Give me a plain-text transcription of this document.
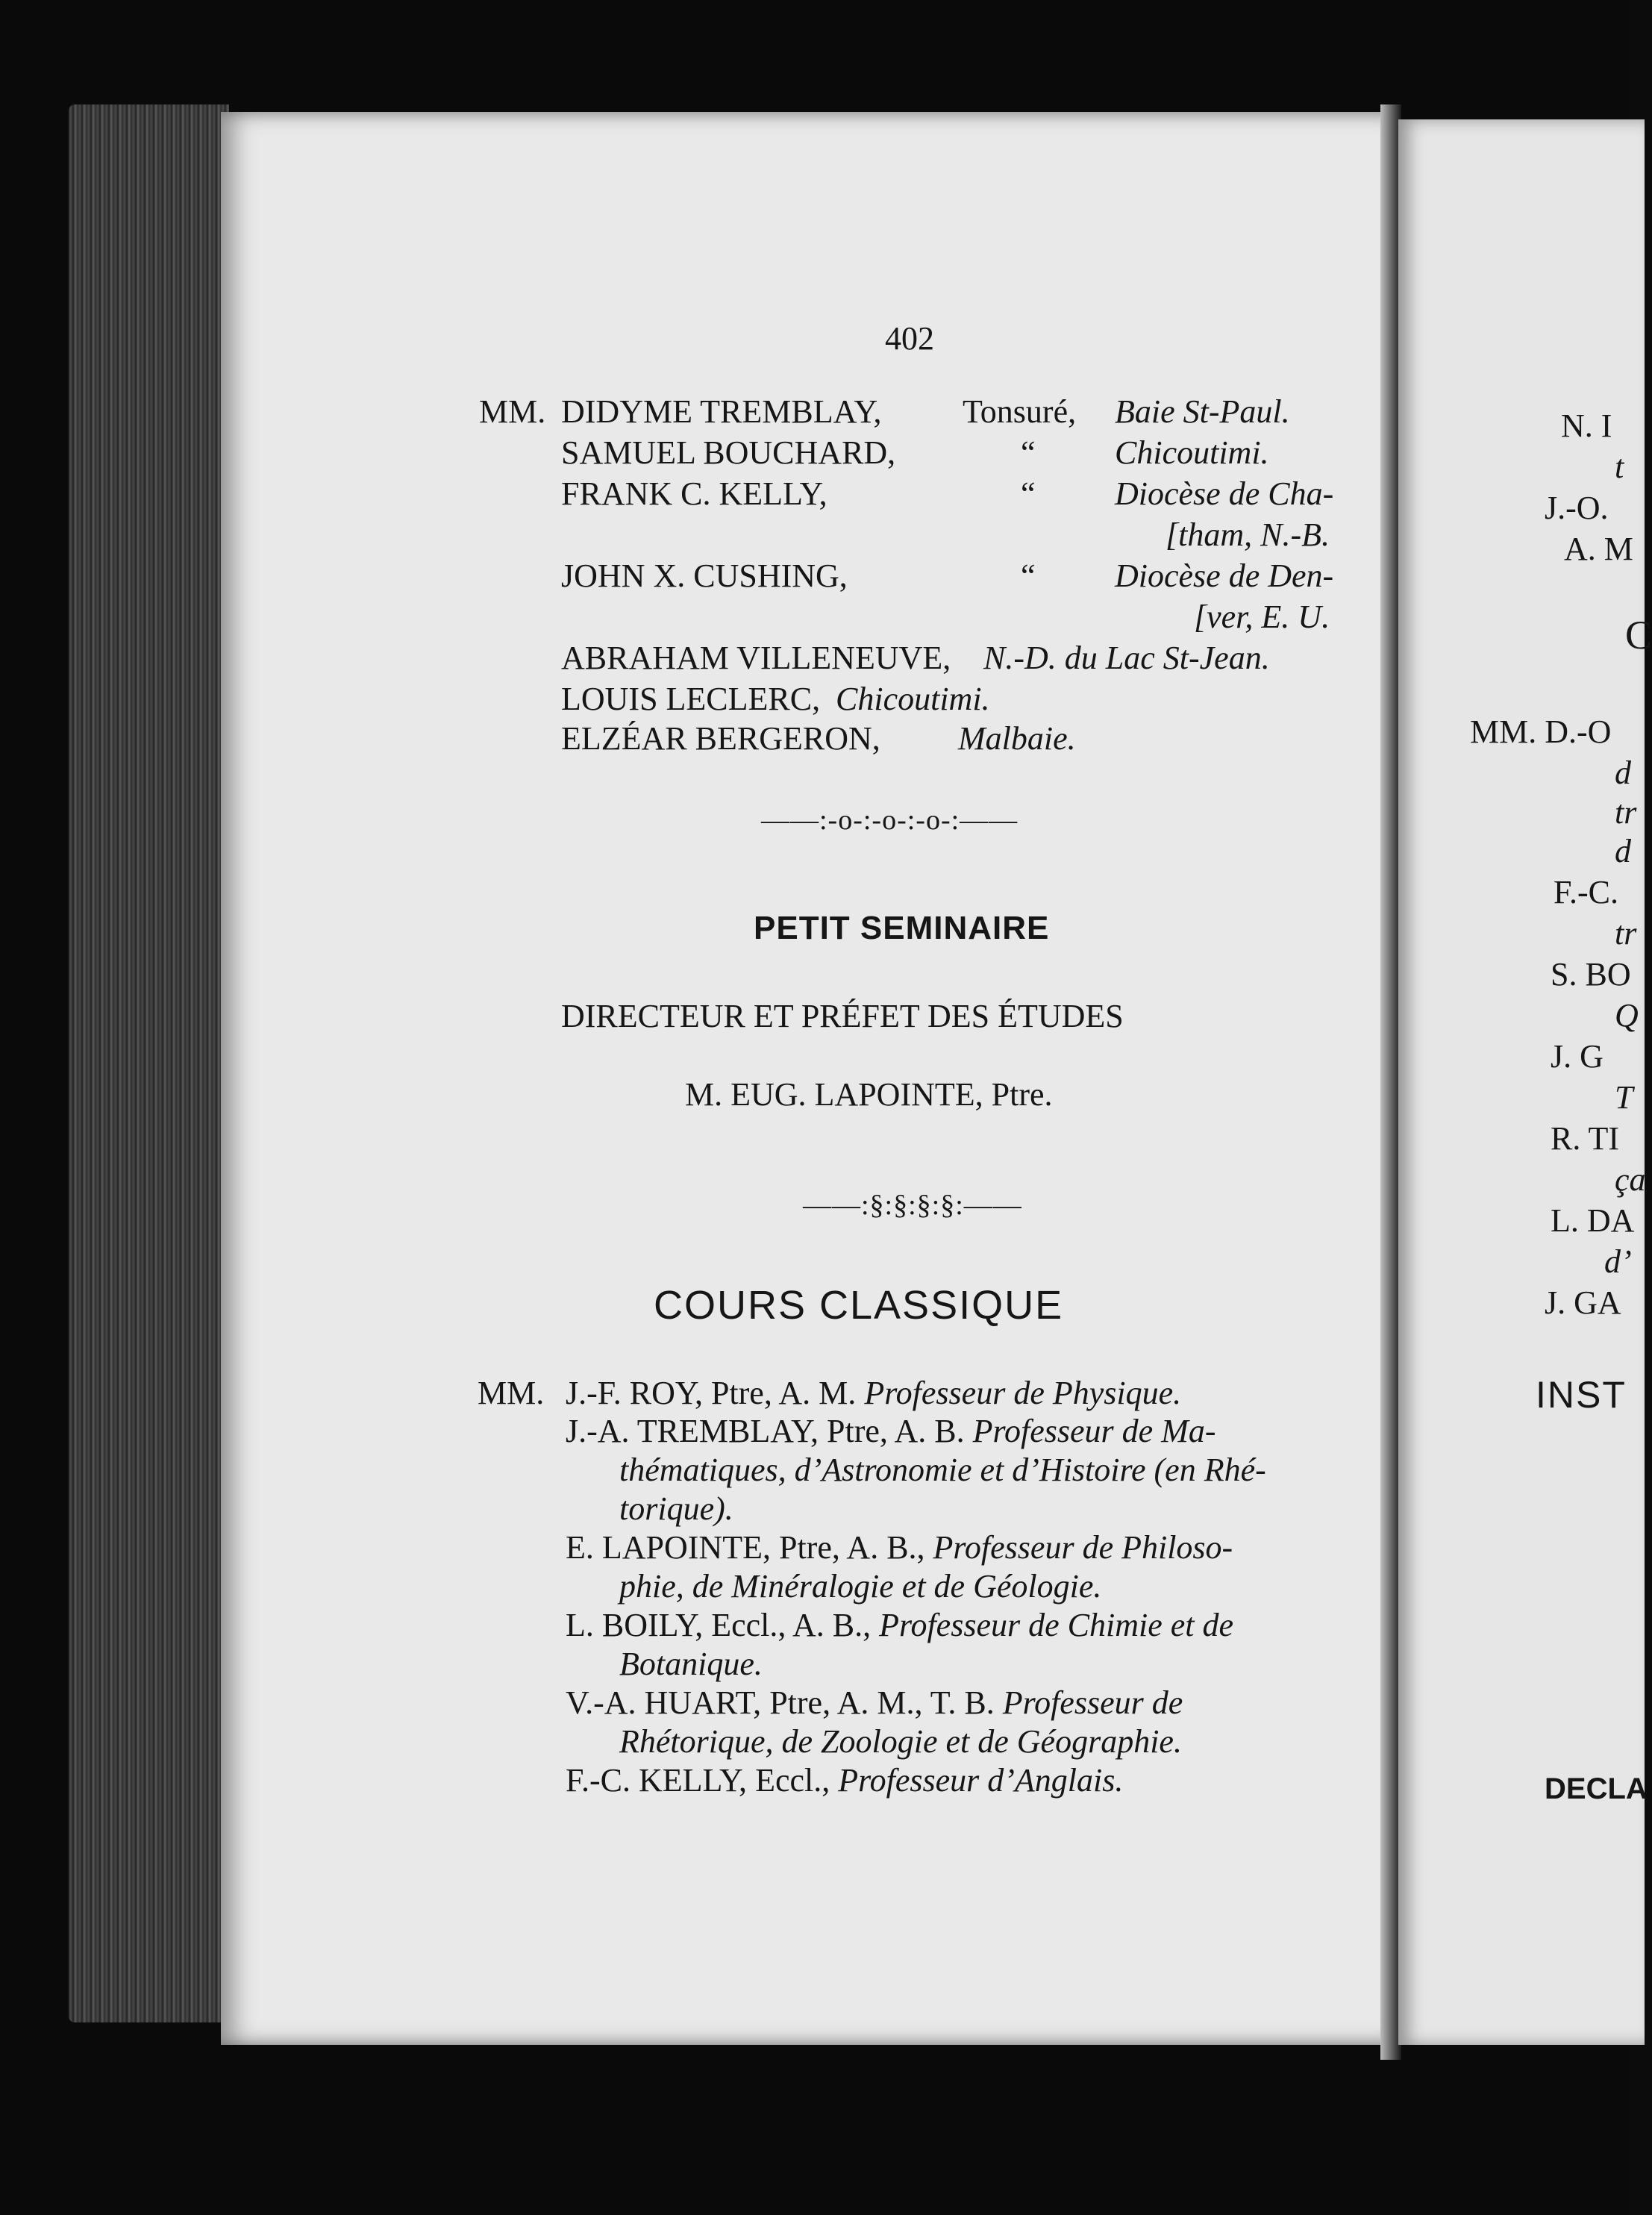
N. I
t
J.-O.
A. M
C
MM. D.-O
d
tr
d
F.-C.
tr
S. BO
Q
J. G
T
R. TI
ça
L. DA
d’
J. GA
INST
DECLA
402
MM. DIDYME TREMBLAY, Tonsuré, Baie St-Paul.
SAMUEL BOUCHARD,	“ Chicoutimi.
FRANK C. KELLY,	“ Diocèse de Cha-
[tham, N.-B.
JOHN X. CUSHING,	“ Diocèse de Den-
[ver, E. U.
ABRAHAM VILLENEUVE, N.-D. du Lac St-Jean.
LOUIS LECLERC, Chicoutimi.
ELZÉAR BERGERON, Malbaie.
——:-o-:-o-:-o-:——
PETIT SEMINAIRE
DIRECTEUR ET PRÉFET DES ÉTUDES
M. EUG. LAPOINTE, Ptre.
——:§:§:§:§:——
COURS CLASSIQUE
MM. J.-F. ROY, Ptre, A. M. Professeur de Physique.
J.-A. TREMBLAY, Ptre, A. B. Professeur de Ma-
thématiques, d’Astronomie et d’Histoire (en Rhé-
torique).
E. LAPOINTE, Ptre, A. B., Professeur de Philoso-
phie, de Minéralogie et de Géologie.
L. BOILY, Eccl., A. B., Professeur de Chimie et de
Botanique.
V.-A. HUART, Ptre, A. M., T. B. Professeur de
Rhétorique, de Zoologie et de Géographie.
F.-C. KELLY, Eccl., Professeur d’Anglais.
